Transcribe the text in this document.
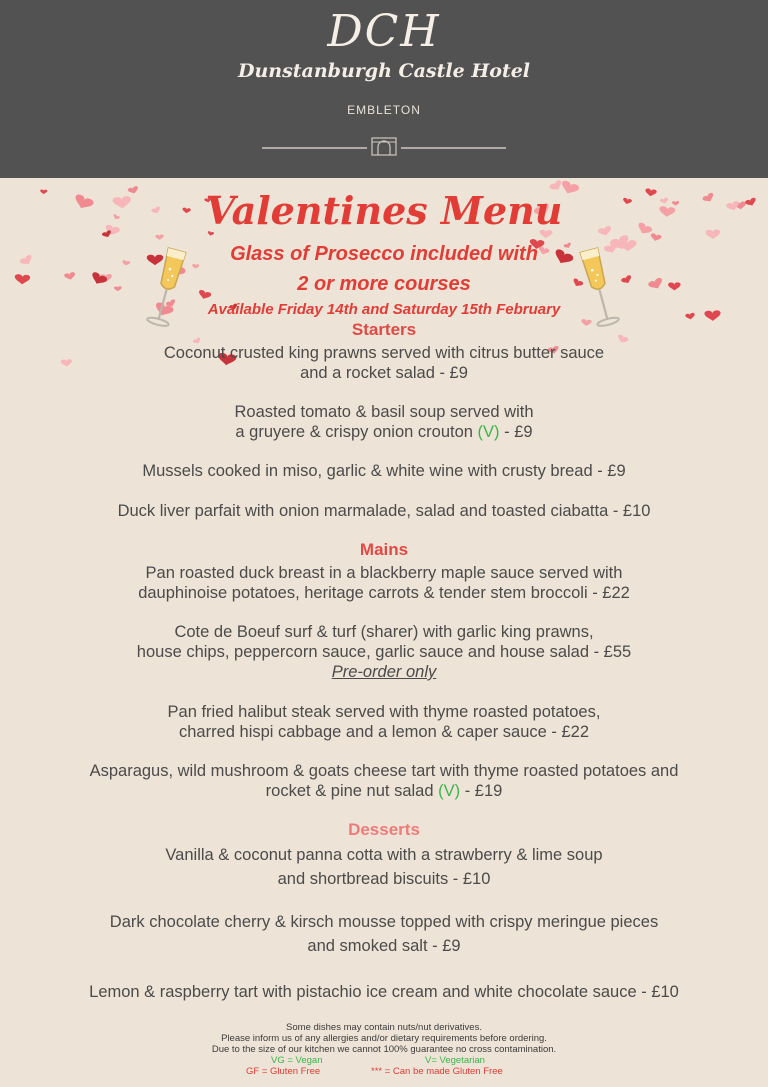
DCH
Dunstanburgh Castle Hotel
EMBLETON
Valentines Menu
Glass of Prosecco included with
2 or more courses
Available Friday 14th and Saturday 15th February
Starters
Coconut crusted king prawns served with citrus butter sauce
and a rocket salad - £9
Roasted tomato & basil soup served with
a gruyere & crispy onion crouton (V) - £9
Mussels cooked in miso, garlic & white wine with crusty bread - £9
Duck liver parfait with onion marmalade, salad and toasted ciabatta - £10
Mains
Pan roasted duck breast in a blackberry maple sauce served with
dauphinoise potatoes, heritage carrots & tender stem broccoli - £22
Cote de Boeuf surf & turf (sharer) with garlic king prawns,
house chips, peppercorn sauce, garlic sauce and house salad - £55
Pre-order only
Pan fried halibut steak served with thyme roasted potatoes,
charred hispi cabbage and a lemon & caper sauce - £22
Asparagus, wild mushroom & goats cheese tart with thyme roasted potatoes and
rocket & pine nut salad (V) - £19
Desserts
Vanilla & coconut panna cotta with a strawberry & lime soup
and shortbread biscuits - £10
Dark chocolate cherry & kirsch mousse topped with crispy meringue pieces
and smoked salt - £9
Lemon & raspberry tart with pistachio ice cream and white chocolate sauce - £10
Some dishes may contain nuts/nut derivatives.
Please inform us of any allergies and/or dietary requirements before ordering.
Due to the size of our kitchen we cannot 100% guarantee no cross contamination.
VG = Vegan	V= Vegetarian
GF = Gluten Free	*** = Can be made Gluten Free
